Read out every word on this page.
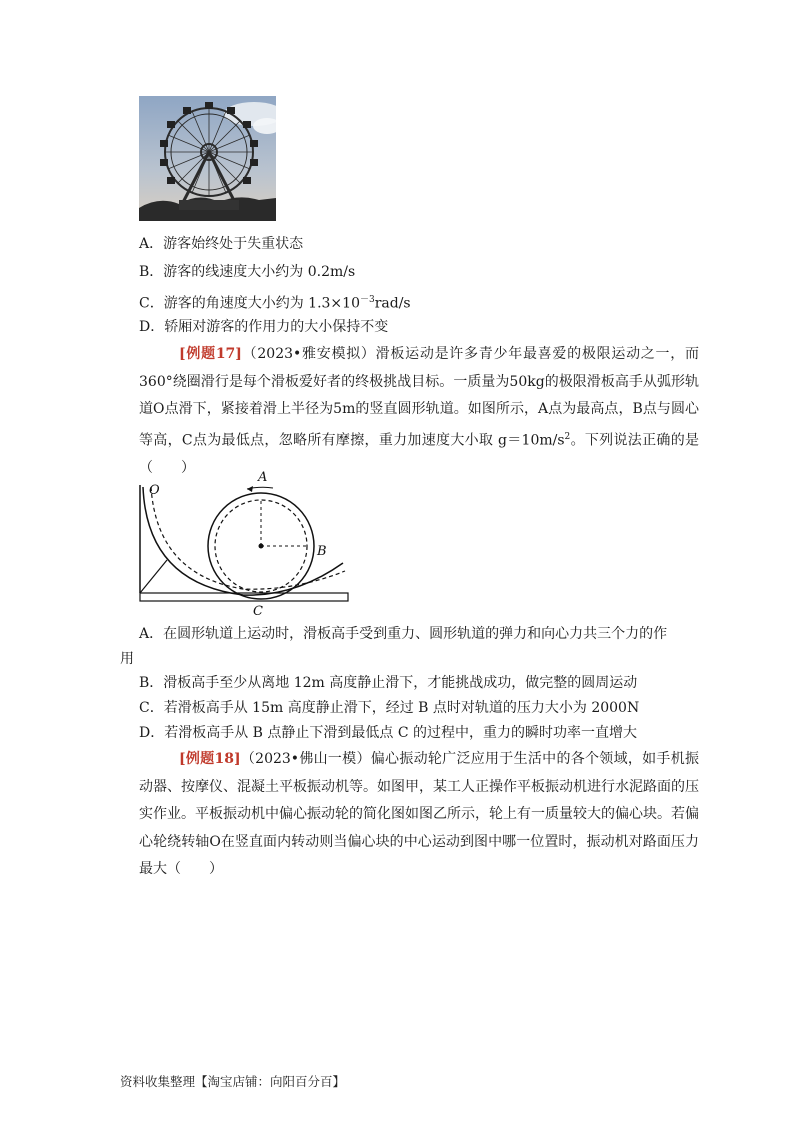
A．游客始终处于失重状态
B．游客的线速度大小约为 0.2m/s
C．游客的角速度大小约为 $1.3\times 10^{-3}rad/s$
D．轿厢对游客的作用力的大小保持不变
[例题17]（2023•雅安模拟）滑板运动是许多青少年最喜爱的极限运动之一，而360°绕圈滑行是每个滑板爱好者的终极挑战目标。一质量为50kg的极限滑板高手从弧形轨道O点滑下，紧接着滑上半径为5m的竖直圆形轨道。如图所示，A点为最高点，B点与圆心等高，C点为最低点，忽略所有摩擦，重力加速度大小取 $g=10m/s^2$。下列说法正确的是（　　）
O
A
B
C
A．在圆形轨道上运动时，滑板高手受到重力、圆形轨道的弹力和向心力共三个力的作
用
B．滑板高手至少从离地 12m 高度静止滑下，才能挑战成功，做完整的圆周运动
C．若滑板高手从 15m 高度静止滑下，经过 B 点时对轨道的压力大小为 2000N
D．若滑板高手从 B 点静止下滑到最低点 C 的过程中，重力的瞬时功率一直增大
[例题18]（2023•佛山一模）偏心振动轮广泛应用于生活中的各个领域，如手机振动器、按摩仪、混凝土平板振动机等。如图甲，某工人正操作平板振动机进行水泥路面的压实作业。平板振动机中偏心振动轮的简化图如图乙所示，轮上有一质量较大的偏心块。若偏心轮绕转轴O在竖直面内转动则当偏心块的中心运动到图中哪一位置时，振动机对路面压力最大（　　）
资料收集整理【淘宝店铺：向阳百分百】
